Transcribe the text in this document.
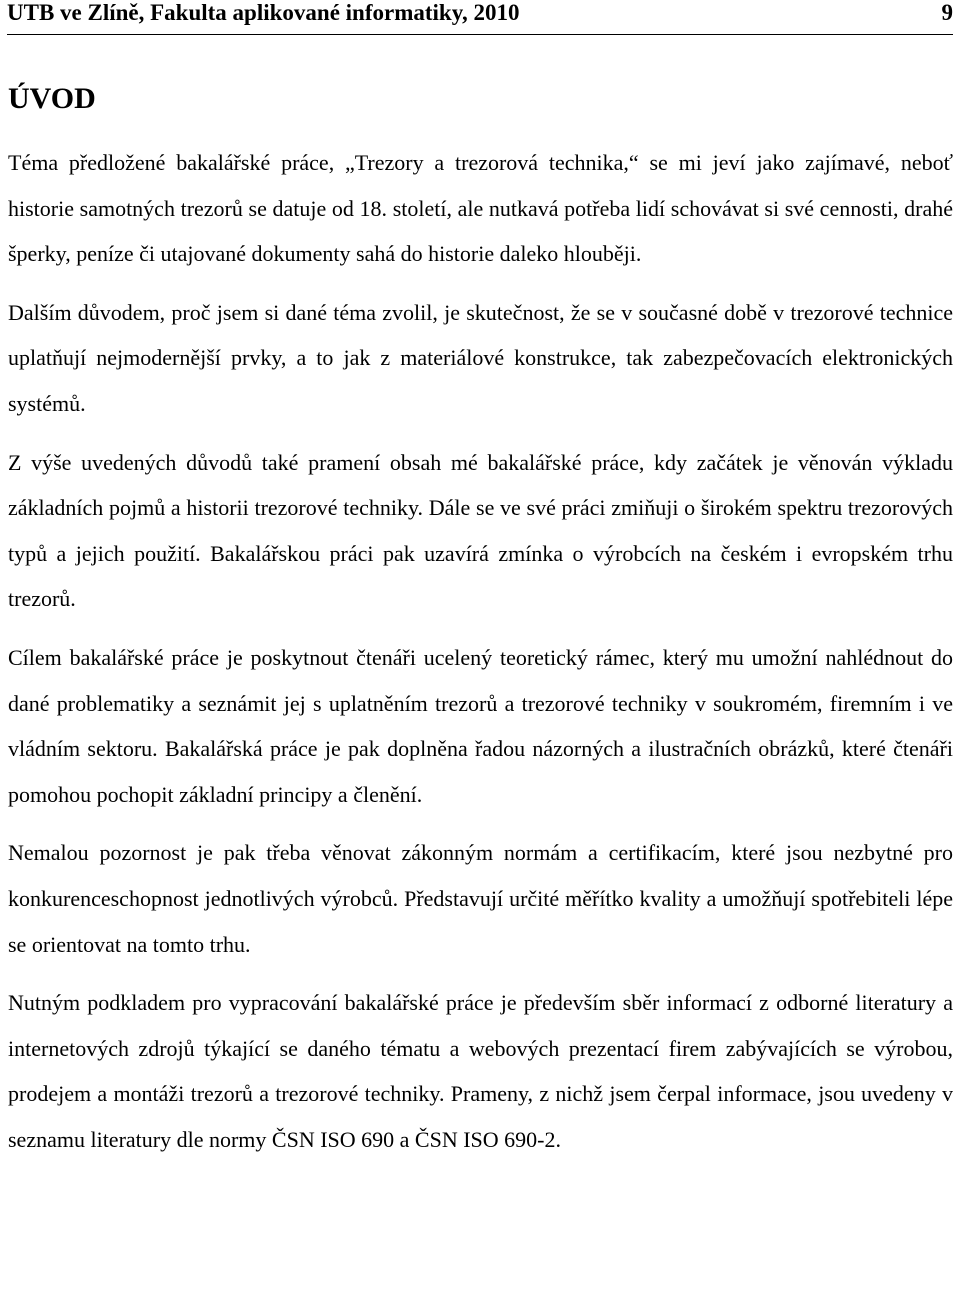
UTB ve Zlíně, Fakulta aplikované informatiky, 2010	9
ÚVOD

Téma předložené bakalářské práce, „Trezory a trezorová technika,“ se mi jeví jako zajímavé, neboť historie samotných trezorů se datuje od 18. století, ale nutkavá potřeba lidí schovávat si své cennosti, drahé šperky, peníze či utajované dokumenty sahá do historie daleko hlouběji.

Dalším důvodem, proč jsem si dané téma zvolil, je skutečnost, že se v současné době v trezorové technice uplatňují nejmodernější prvky, a to jak z materiálové konstrukce, tak zabezpečovacích elektronických systémů.

Z výše uvedených důvodů také pramení obsah mé bakalářské práce, kdy začátek je věnován výkladu základních pojmů a historii trezorové techniky. Dále se ve své práci zmiňuji o širokém spektru trezorových typů a jejich použití. Bakalářskou práci pak uzavírá zmínka o výrobcích na českém i evropském trhu trezorů.

Cílem bakalářské práce je poskytnout čtenáři ucelený teoretický rámec, který mu umožní nahlédnout do dané problematiky a seznámit jej s uplatněním trezorů a trezorové techniky v soukromém, firemním i ve vládním sektoru. Bakalářská práce je pak doplněna řadou názorných a ilustračních obrázků, které čtenáři pomohou pochopit základní principy a členění.

Nemalou pozornost je pak třeba věnovat zákonným normám a certifikacím, které jsou nezbytné pro konkurenceschopnost jednotlivých výrobců. Představují určité měřítko kvality a umožňují spotřebiteli lépe se orientovat na tomto trhu.

Nutným podkladem pro vypracování bakalářské práce je především sběr informací z odborné literatury a internetových zdrojů týkající se daného tématu a webových prezentací firem zabývajících se výrobou, prodejem a montáži trezorů a trezorové techniky. Prameny, z nichž jsem čerpal informace, jsou uvedeny v seznamu literatury dle normy ČSN ISO 690 a ČSN ISO 690-2.
